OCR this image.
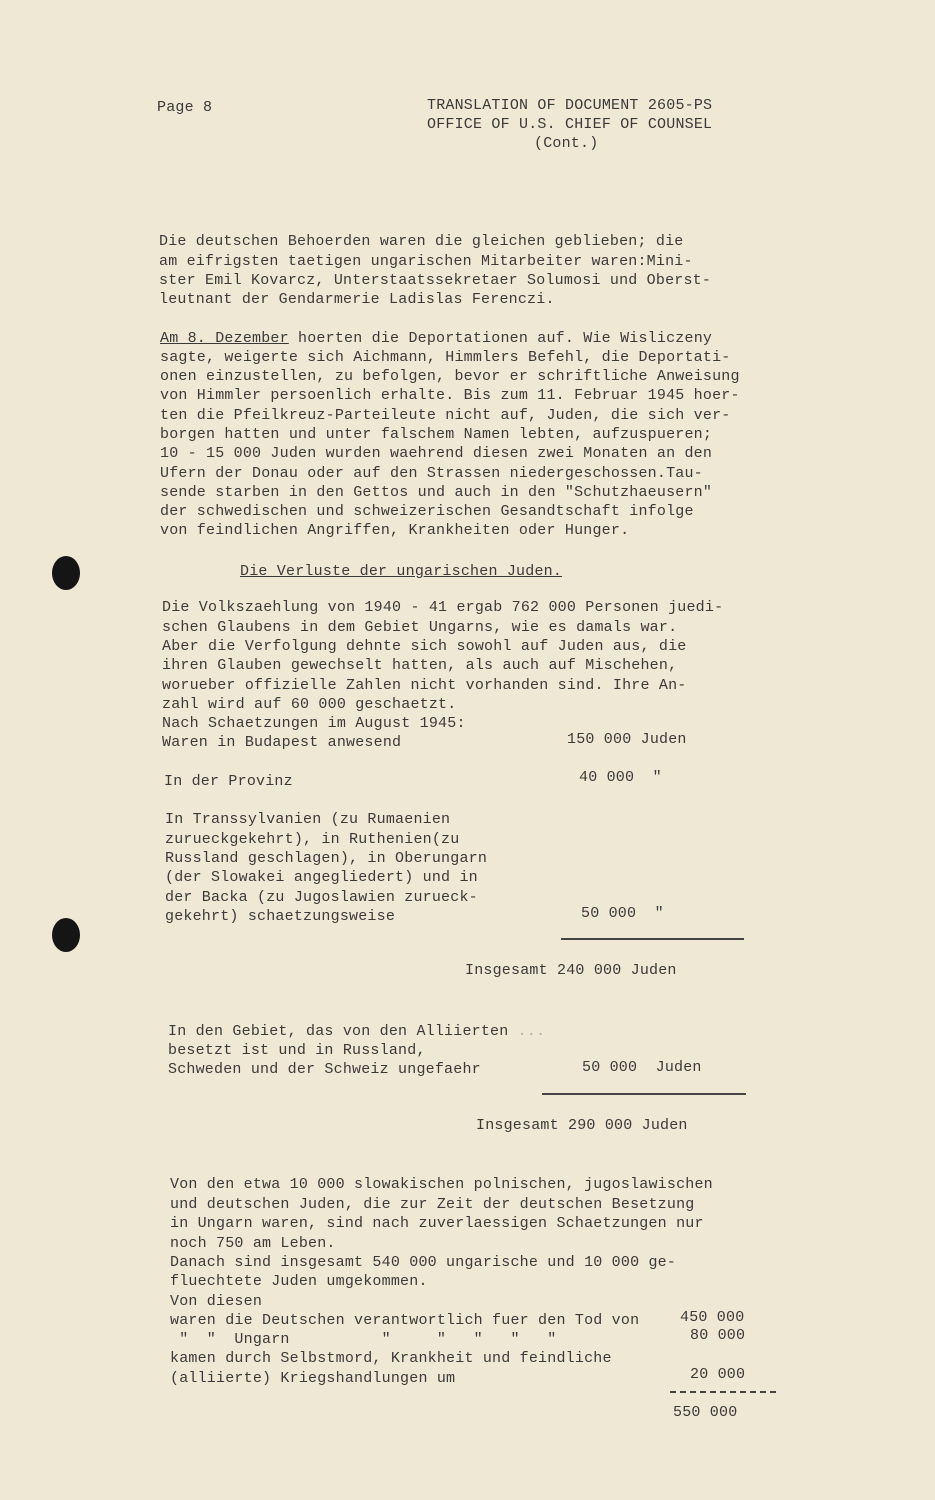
Page 8	TRANSLATION OF DOCUMENT 2605-PS
OFFICE OF U.S. CHIEF OF COUNSEL
(Cont.)
Die deutschen Behoerden waren die gleichen geblieben; die
am eifrigsten taetigen ungarischen Mitarbeiter waren:Mini-
ster Emil Kovarcz, Unterstaatssekretaer Solumosi und Oberst-
leutnant der Gendarmerie Ladislas Ferenczi.
Am 8. Dezember hoerten die Deportationen auf. Wie Wisliczeny
sagte, weigerte sich Aichmann, Himmlers Befehl, die Deportati-
onen einzustellen, zu befolgen, bevor er schriftliche Anweisung
von Himmler persoenlich erhalte. Bis zum 11. Februar 1945 hoer-
ten die Pfeilkreuz-Parteileute nicht auf, Juden, die sich ver-
borgen hatten und unter falschem Namen lebten, aufzuspueren;
10 - 15 000 Juden wurden waehrend diesen zwei Monaten an den
Ufern der Donau oder auf den Strassen niedergeschossen.Tau-
sende starben in den Gettos und auch in den "Schutzhaeusern"
der schwedischen und schweizerischen Gesandtschaft infolge
von feindlichen Angriffen, Krankheiten oder Hunger.
Die Verluste der ungarischen Juden.
Die Volkszaehlung von 1940 - 41 ergab 762 000 Personen juedi-
schen Glaubens in dem Gebiet Ungarns, wie es damals war.
Aber die Verfolgung dehnte sich sowohl auf Juden aus, die
ihren Glauben gewechselt hatten, als auch auf Mischehen,
worueber offizielle Zahlen nicht vorhanden sind. Ihre An-
zahl wird auf 60 000 geschaetzt.
Nach Schaetzungen im August 1945:
Waren in Budapest anwesend	150 000 Juden
In der Provinz	40 000  "
In Transsylvanien (zu Rumaenien
zurueckgekehrt), in Ruthenien(zu
Russland geschlagen), in Oberungarn
(der Slowakei angegliedert) und in
der Backa (zu Jugoslawien zurueck-
gekehrt) schaetzungsweise	50 000  "
Insgesamt 240 000 Juden
In den Gebiet, das von den Alliierten ...
besetzt ist und in Russland,
Schweden und der Schweiz ungefaehr	50 000  Juden
Insgesamt 290 000 Juden
Von den etwa 10 000 slowakischen polnischen, jugoslawischen
und deutschen Juden, die zur Zeit der deutschen Besetzung
in Ungarn waren, sind nach zuverlaessigen Schaetzungen nur
noch 750 am Leben.
Danach sind insgesamt 540 000 ungarische und 10 000 ge-
fluechtete Juden umgekommen.
Von diesen
waren die Deutschen verantwortlich fuer den Tod von	450 000
"  "  Ungarn          "     "   "   "   "	80 000
kamen durch Selbstmord, Krankheit und feindliche
(alliierte) Kriegshandlungen um	20 000
550 000
